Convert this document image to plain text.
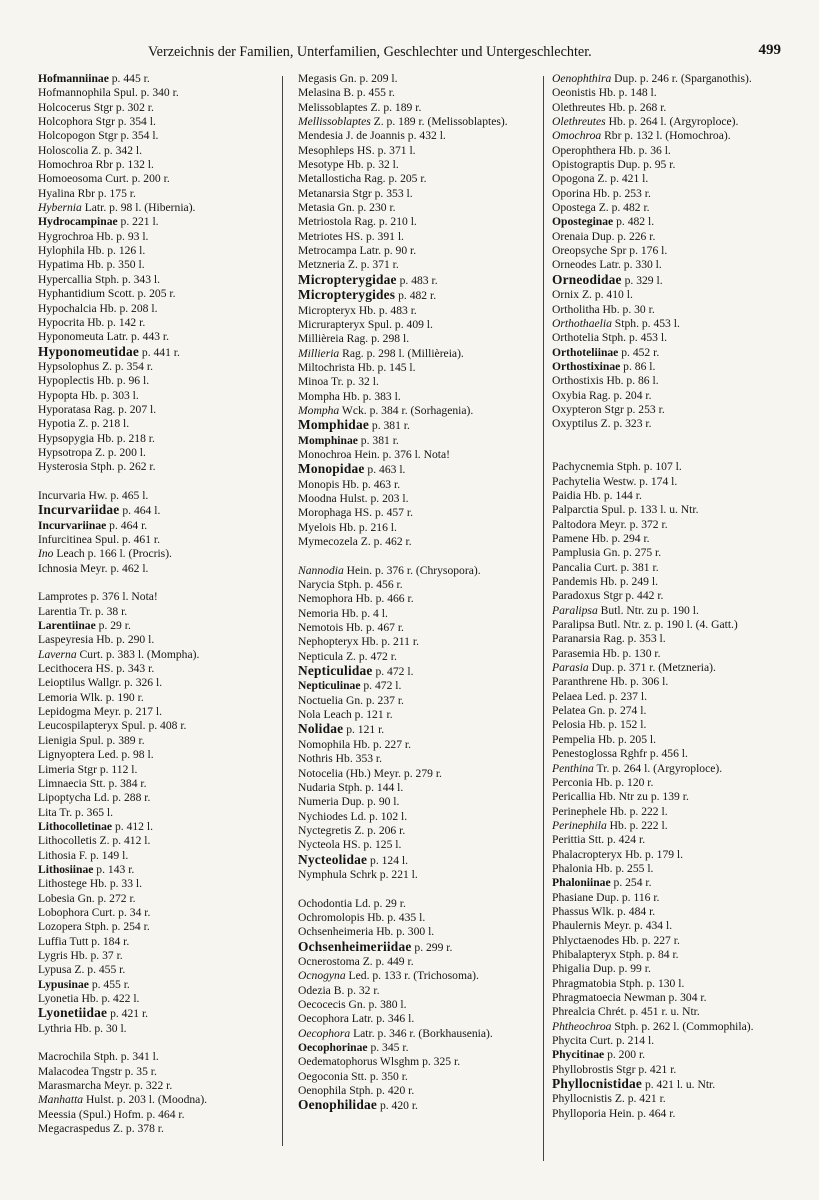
Verzeichnis der Familien, Unterfamilien, Geschlechter und Untergeschlechter.	499
Hofmanniinae p. 445 r.
Hofmannophila Spul. p. 340 r.
Holcocerus Stgr p. 302 r.
Holcophora Stgr p. 354 l.
Holcopogon Stgr p. 354 l.
Holoscolia Z. p. 342 l.
Homochroa Rbr p. 132 l.
Homoeosoma Curt. p. 200 r.
Hyalina Rbr p. 175 r.
Hybernia Latr. p. 98 l. (Hibernia).
Hydrocampinae p. 221 l.
Hygrochroa Hb. p. 93 l.
Hylophila Hb. p. 126 l.
Hypatima Hb. p. 350 l.
Hypercallia Stph. p. 343 l.
Hyphantidium Scott. p. 205 r.
Hypochalcia Hb. p. 208 l.
Hypocrita Hb. p. 142 r.
Hyponomeuta Latr. p. 443 r.
Hyponomeutidae p. 441 r.
Hypsolophus Z. p. 354 r.
Hypoplectis Hb. p. 96 l.
Hypopta Hb. p. 303 l.
Hyporatasa Rag. p. 207 l.
Hypotia Z. p. 218 l.
Hypsopygia Hb. p. 218 r.
Hypsotropa Z. p. 200 l.
Hysterosia Stph. p. 262 r.
Incurvaria Hw. p. 465 l.
Incurvariidae p. 464 l.
Incurvariinae p. 464 r.
Infurcitinea Spul. p. 461 r.
Ino Leach p. 166 l. (Procris).
Ichnosia Meyr. p. 462 l.
Lamprotes p. 376 l. Nota!
Larentia Tr. p. 38 r.
Larentiinae p. 29 r.
Laspeyresia Hb. p. 290 l.
Laverna Curt. p. 383 l. (Mompha).
Lecithocera HS. p. 343 r.
Leioptilus Wallgr. p. 326 l.
Lemoria Wlk. p. 190 r.
Lepidogma Meyr. p. 217 l.
Leucospilapteryx Spul. p. 408 r.
Lienigia Spul. p. 389 r.
Lignyoptera Led. p. 98 l.
Limeria Stgr p. 112 l.
Limnaecia Stt. p. 384 r.
Lipoptycha Ld. p. 288 r.
Lita Tr. p. 365 l.
Lithocolletinae p. 412 l.
Lithocolletis Z. p. 412 l.
Lithosia F. p. 149 l.
Lithosiinae p. 143 r.
Lithostege Hb. p. 33 l.
Lobesia Gn. p. 272 r.
Lobophora Curt. p. 34 r.
Lozopera Stph. p. 254 r.
Luffia Tutt p. 184 r.
Lygris Hb. p. 37 r.
Lypusa Z. p. 455 r.
Lypusinae p. 455 r.
Lyonetia Hb. p. 422 l.
Lyonetiidae p. 421 r.
Lythria Hb. p. 30 l.
Macrochila Stph. p. 341 l.
Malacodea Tngstr p. 35 r.
Marasmarcha Meyr. p. 322 r.
Manhatta Hulst. p. 203 l. (Moodna).
Meessia (Spul.) Hofm. p. 464 r.
Megacraspedus Z. p. 378 r.
Megasis Gn. p. 209 l.
Melasina B. p. 455 r.
Melissoblaptes Z. p. 189 r.
Mellissoblaptes Z. p. 189 r. (Melissoblaptes).
Mendesia J. de Joannis p. 432 l.
Mesophleps HS. p. 371 l.
Mesotype Hb. p. 32 l.
Metallosticha Rag. p. 205 r.
Metanarsia Stgr p. 353 l.
Metasia Gn. p. 230 r.
Metriostola Rag. p. 210 l.
Metriotes HS. p. 391 l.
Metrocampa Latr. p. 90 r.
Metzneria Z. p. 371 r.
Micropterygidae p. 483 r.
Micropterygides p. 482 r.
Micropteryx Hb. p. 483 r.
Micrurapteryx Spul. p. 409 l.
Millièreia Rag. p. 298 l.
Millieria Rag. p. 298 l. (Millièreia).
Miltochrista Hb. p. 145 l.
Minoa Tr. p. 32 l.
Mompha Hb. p. 383 l.
Mompha Wck. p. 384 r. (Sorhagenia).
Momphidae p. 381 r.
Momphinae p. 381 r.
Monochroa Hein. p. 376 l. Nota!
Monopidae p. 463 l.
Monopis Hb. p. 463 r.
Moodna Hulst. p. 203 l.
Morophaga HS. p. 457 r.
Myelois Hb. p. 216 l.
Mymecozela Z. p. 462 r.
Nannodia Hein. p. 376 r. (Chrysopora).
Narycia Stph. p. 456 r.
Nemophora Hb. p. 466 r.
Nemoria Hb. p. 4 l.
Nemotois Hb. p. 467 r.
Nephopteryx Hb. p. 211 r.
Nepticula Z. p. 472 r.
Nepticulidae p. 472 l.
Nepticulinae p. 472 l.
Noctuelia Gn. p. 237 r.
Nola Leach p. 121 r.
Nolidae p. 121 r.
Nomophila Hb. p. 227 r.
Nothris Hb. 353 r.
Notocelia (Hb.) Meyr. p. 279 r.
Nudaria Stph. p. 144 l.
Numeria Dup. p. 90 l.
Nychiodes Ld. p. 102 l.
Nyctegretis Z. p. 206 r.
Nycteola HS. p. 125 l.
Nycteolidae p. 124 l.
Nymphula Schrk p. 221 l.
Ochodontia Ld. p. 29 r.
Ochromolopis Hb. p. 435 l.
Ochsenheimeria Hb. p. 300 l.
Ochsenheimeriidae p. 299 r.
Ocnerostoma Z. p. 449 r.
Ocnogyna Led. p. 133 r. (Trichosoma).
Odezia B. p. 32 r.
Oecocecis Gn. p. 380 l.
Oecophora Latr. p. 346 l.
Oecophora Latr. p. 346 r. (Borkhausenia).
Oecophorinae p. 345 r.
Oedematophorus Wlsghm p. 325 r.
Oegoconia Stt. p. 350 r.
Oenophila Stph. p. 420 r.
Oenophilidae p. 420 r.
Oenophthira Dup. p. 246 r. (Sparganothis).
Oeonistis Hb. p. 148 l.
Olethreutes Hb. p. 268 r.
Olethreutes Hb. p. 264 l. (Argyroploce).
Omochroa Rbr p. 132 l. (Homochroa).
Operophthera Hb. p. 36 l.
Opistograptis Dup. p. 95 r.
Opogona Z. p. 421 l.
Oporina Hb. p. 253 r.
Opostega Z. p. 482 r.
Oposteginae p. 482 l.
Orenaia Dup. p. 226 r.
Oreopsyche Spr p. 176 l.
Orneodes Latr. p. 330 l.
Orneodidae p. 329 l.
Ornix Z. p. 410 l.
Ortholitha Hb. p. 30 r.
Orthothaelia Stph. p. 453 l.
Orthotelia Stph. p. 453 l.
Orthoteliinae p. 452 r.
Orthostixinae p. 86 l.
Orthostixis Hb. p. 86 l.
Oxybia Rag. p. 204 r.
Oxypteron Stgr p. 253 r.
Oxyptilus Z. p. 323 r.
Pachycnemia Stph. p. 107 l.
Pachytelia Westw. p. 174 l.
Paidia Hb. p. 144 r.
Palparctia Spul. p. 133 l. u. Ntr.
Paltodora Meyr. p. 372 r.
Pamene Hb. p. 294 r.
Pamplusia Gn. p. 275 r.
Pancalia Curt. p. 381 r.
Pandemis Hb. p. 249 l.
Paradoxus Stgr p. 442 r.
Paralipsa Butl. Ntr. zu p. 190 l.
Paralipsa Butl. Ntr. z. p. 190 l. (4. Gatt.)
Paranarsia Rag. p. 353 l.
Parasemia Hb. p. 130 r.
Parasia Dup. p. 371 r. (Metzneria).
Paranthrene Hb. p. 306 l.
Pelaea Led. p. 237 l.
Pelatea Gn. p. 274 l.
Pelosia Hb. p. 152 l.
Pempelia Hb. p. 205 l.
Penestoglossa Rghfr p. 456 l.
Penthina Tr. p. 264 l. (Argyroploce).
Perconia Hb. p. 120 r.
Pericallia Hb. Ntr zu p. 139 r.
Perinephele Hb. p. 222 l.
Perinephila Hb. p. 222 l.
Perittia Stt. p. 424 r.
Phalacropteryx Hb. p. 179 l.
Phalonia Hb. p. 255 l.
Phaloniinae p. 254 r.
Phasiane Dup. p. 116 r.
Phassus Wlk. p. 484 r.
Phaulernis Meyr. p. 434 l.
Phlyctaenodes Hb. p. 227 r.
Phibalapteryx Stph. p. 84 r.
Phigalia Dup. p. 99 r.
Phragmatobia Stph. p. 130 l.
Phragmatoecia Newman p. 304 r.
Phrealcia Chrét. p. 451 r. u. Ntr.
Phtheochroa Stph. p. 262 l. (Commophila).
Phycita Curt. p. 214 l.
Phycitinae p. 200 r.
Phyllobrostis Stgr p. 421 r.
Phyllocnistidae p. 421 l. u. Ntr.
Phyllocnistis Z. p. 421 r.
Phylloporia Hein. p. 464 r.
